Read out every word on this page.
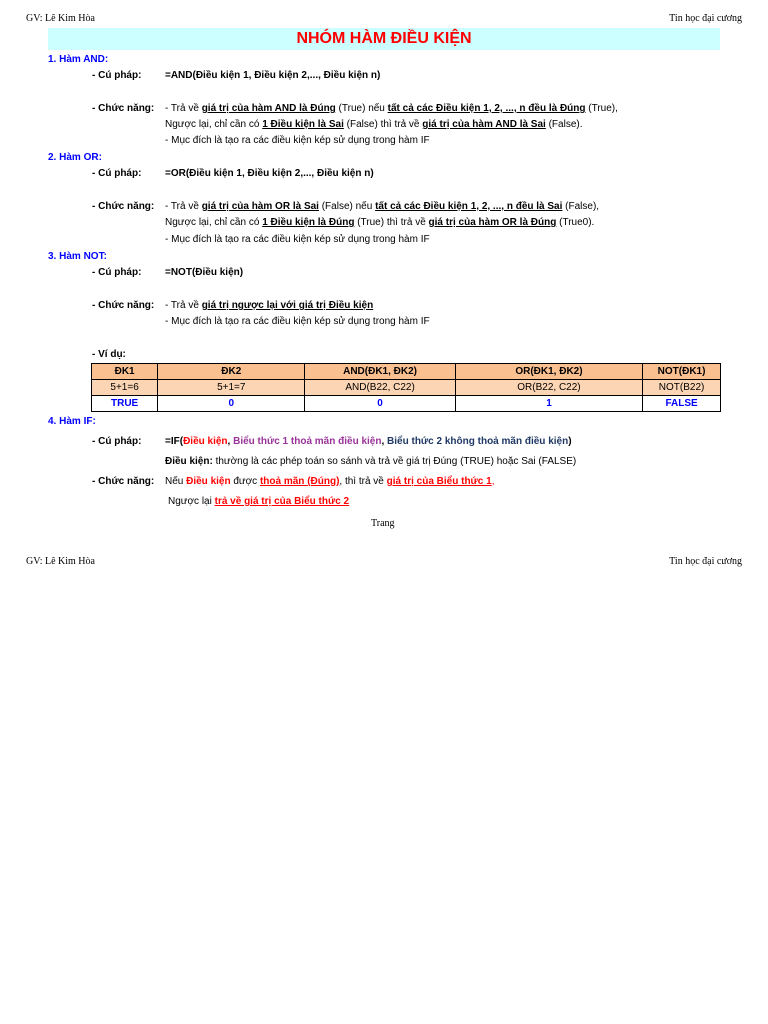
GV: Lê Kim Hòa	Tin học đại cương
NHÓM HÀM ĐIỀU KIỆN
1. Hàm AND:
- Cú pháp: =AND(Điều kiện 1, Điều kiện 2,..., Điều kiện n)
- Chức năng: - Trả về giá trị của hàm AND là Đúng (True) nếu tất cả các Điều kiện 1, 2, ..., n đều là Đúng (True),
Ngược lại, chỉ cần có 1 Điều kiện là Sai (False) thì trả về giá trị của hàm AND là Sai (False).
- Mục đích là tạo ra các điều kiện kép sử dụng trong hàm IF
2. Hàm OR:
- Cú pháp: =OR(Điều kiện 1, Điều kiện 2,..., Điều kiện n)
- Chức năng: - Trả về giá trị của hàm OR là Sai (False) nếu tất cả các Điều kiện 1, 2, ..., n đều là Sai (False),
Ngược lại, chỉ cần có 1 Điều kiện là Đúng (True) thì trả về giá trị của hàm OR là Đúng (True0).
- Mục đích là tạo ra các điều kiện kép sử dụng trong hàm IF
3. Hàm NOT:
- Cú pháp: =NOT(Điều kiện)
- Chức năng: - Trả về giá trị ngược lại với giá trị Điều kiện
- Mục đích là tạo ra các điều kiện kép sử dụng trong hàm IF
- Ví dụ:
ĐK1	ĐK2	AND(ĐK1, ĐK2)	OR(ĐK1, ĐK2)	NOT(ĐK1)
5+1=6	5+1=7	AND(B22, C22)	OR(B22, C22)	NOT(B22)
TRUE	0	0	1	FALSE
4. Hàm IF:
- Cú pháp: =IF(Điều kiện, Biểu thức 1 thoả mãn điều kiện, Biểu thức 2 không thoả mãn điều kiện)
Điều kiện: thường là các phép toán so sánh và trả về giá trị Đúng (TRUE) hoặc Sai (FALSE)
- Chức năng: Nếu Điều kiện được thoả mãn (Đúng), thì trả về giá trị của Biểu thức 1,
Ngược lại trả về giá trị của Biểu thức 2
Trang
GV: Lê Kim Hòa	Tin học đại cương
